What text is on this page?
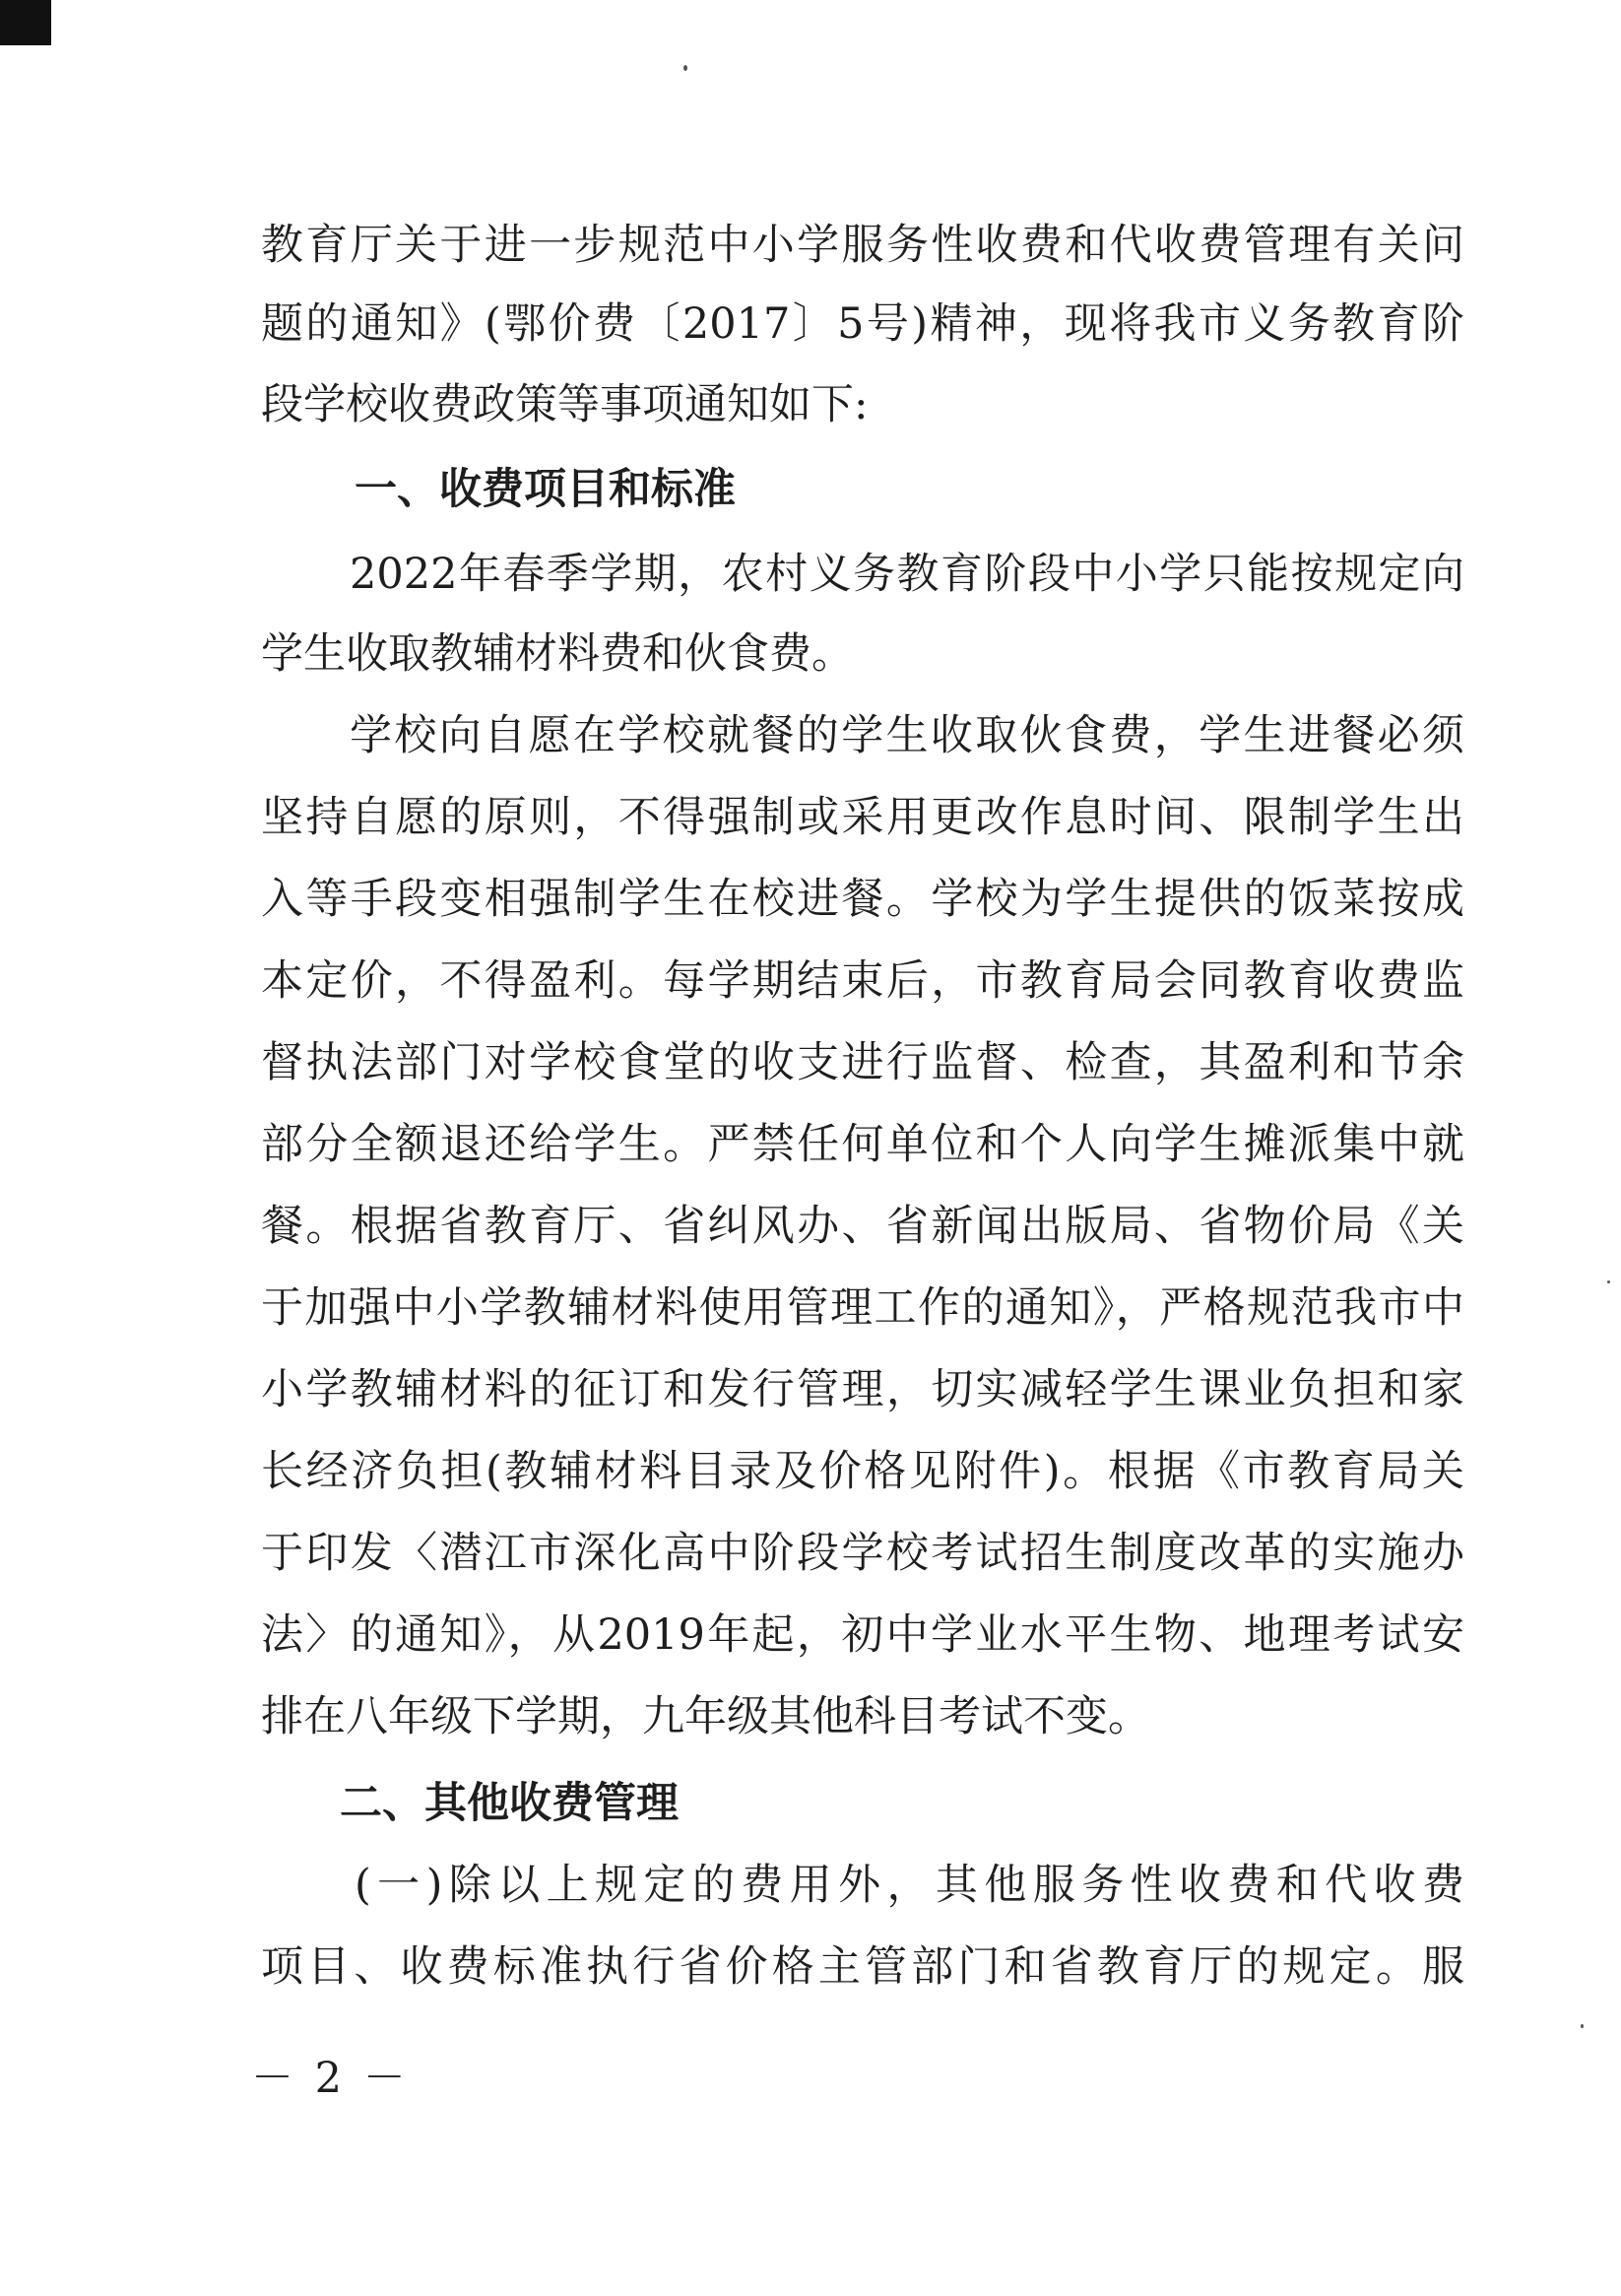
教育厅关于进一步规范中小学服务性收费和代收费管理有关问
题的通知》(鄂价费〔2017〕5号)精神，现将我市义务教育阶
段学校收费政策等事项通知如下:
一、收费项目和标准
2022年春季学期，农村义务教育阶段中小学只能按规定向
学生收取教辅材料费和伙食费。
学校向自愿在学校就餐的学生收取伙食费，学生进餐必须
坚持自愿的原则，不得强制或采用更改作息时间、限制学生出
入等手段变相强制学生在校进餐。学校为学生提供的饭菜按成
本定价，不得盈利。每学期结束后，市教育局会同教育收费监
督执法部门对学校食堂的收支进行监督、检查，其盈利和节余
部分全额退还给学生。严禁任何单位和个人向学生摊派集中就
餐。根据省教育厅、省纠风办、省新闻出版局、省物价局《关
于加强中小学教辅材料使用管理工作的通知》，严格规范我市中
小学教辅材料的征订和发行管理，切实减轻学生课业负担和家
长经济负担(教辅材料目录及价格见附件)。根据《市教育局关
于印发〈潜江市深化高中阶段学校考试招生制度改革的实施办
法〉的通知》，从2019年起，初中学业水平生物、地理考试安
排在八年级下学期，九年级其他科目考试不变。
二、其他收费管理
(一)除以上规定的费用外，其他服务性收费和代收费
项目、收费标准执行省价格主管部门和省教育厅的规定。服
－ 2 －
